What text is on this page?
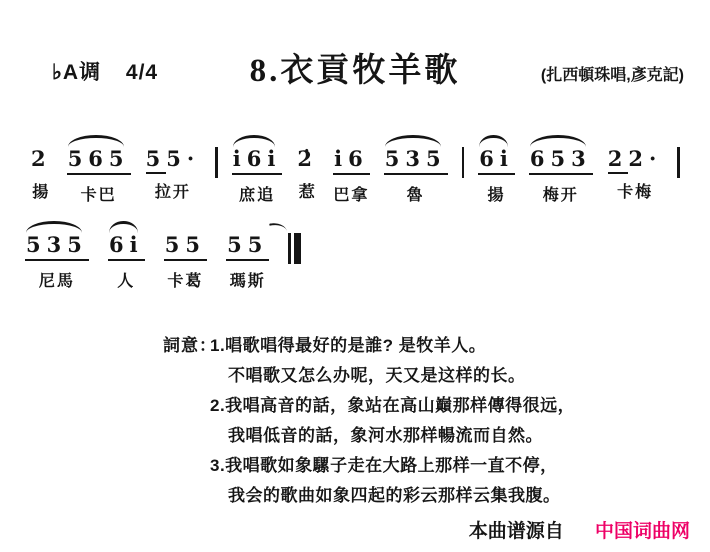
♭A调 4/4	8.衣貢牧羊歌	(扎西頓珠唱,彥克記)
2
揚
565
卡巴
55·
拉开
i6i
庶追
2̇
惹
i6
巴拿
535
魯
6i
揚
653
梅开
22·
卡梅
535
尼馬
6i
人
55
卡葛
55
瑪斯
詞意：
1.唱歌唱得最好的是誰? 是牧羊人。
不唱歌又怎么办呢，天又是这样的长。
2.我唱高音的話，象站在高山巔那样傳得很远，
我唱低音的話，象河水那样暢流而自然。
3.我唱歌如象騾子走在大路上那样一直不停，
我会的歌曲如象四起的彩云那样云集我腹。
本曲谱源自 中国词曲网
